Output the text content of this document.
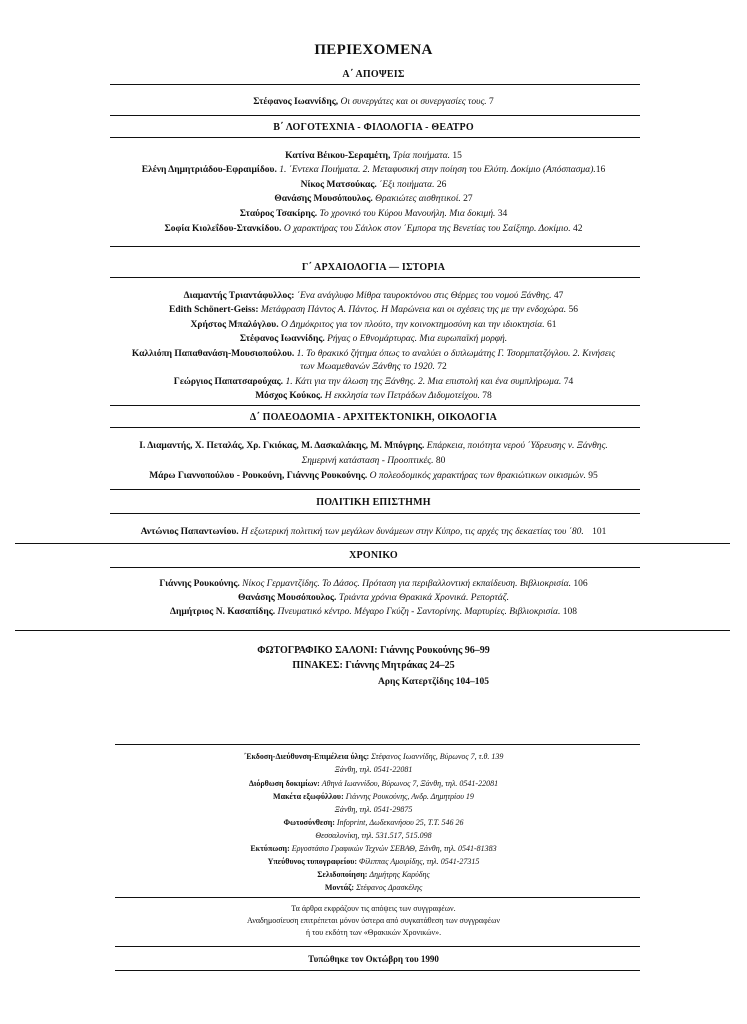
ΠΕΡΙΕΧΟΜΕΝΑ
Α΄ ΑΠΟΨΕΙΣ
Στέφανος Ιωαννίδης, Οι συνεργάτες και οι συνεργασίες τους. 7
Β΄ ΛΟΓΟΤΕΧΝΙΑ - ΦΙΛΟΛΟΓΙΑ - ΘΕΑΤΡΟ
Κατίνα Βέικου-Σεραμέτη, Τρία ποιήματα. 15
Ελένη Δημητριάδου-Εφραιμίδου. 1. ΄Εντεκα Ποιήματα. 2. Μεταφυσική στην ποίηση του Ελύτη. Δοκίμιο (Απόσπασμα).16
Νίκος Ματσούκας. ΄Εξι ποιήματα. 26
Θανάσης Μουσόπουλος. Θρακιώτες αισθητικοί. 27
Σταύρος Τσακίρης. Το χρονικό του Κύρου Μανουήλη. Μια δοκιμή. 34
Σοφία Κιολεΐδου-Στανκίδου. Ο χαρακτήρας του Σάιλοκ στον ΄Εμπορα της Βενετίας του Σαίξπηρ. Δοκίμιο. 42
Γ΄ ΑΡΧΑΙΟΛΟΓΙΑ — ΙΣΤΟΡΙΑ
Διαμαντής Τριαντάφυλλος: ΄Ενα ανάγλυφο Μίθρα ταυροκτόνου στις Θέρμες του νομού Ξάνθης. 47
Edith Schönert-Geiss: Μετάφραση Πάντος Α. Πάντος. Η Μαρώνεια και οι σχέσεις της με την ενδοχώρα. 56
Χρήστος Μπαλόγλου. Ο Δημόκριτος για τον πλούτο, την κοινοκτημοσύνη και την ιδιοκτησία. 61
Στέφανος Ιωαννίδης. Ρήγας ο Εθνομάρτυρας. Μια ευρωπαϊκή μορφή.
Καλλιόπη Παπαθανάση-Μουσιοπούλου. 1. Το θρακικό ζήτημα όπως το αναλύει ο διπλωμάτης Γ. Τσορμπατζόγλου. 2. Κινήσεις
των Μωαμεθανών Ξάνθης το 1920. 72
Γεώργιος Παπατσαρούχας. 1. Κάτι για την άλωση της Ξάνθης. 2. Μια επιστολή και ένα συμπλήρωμα. 74
Μόσχος Κούκος. Η εκκλησία των Πετράδων Διδυμοτείχου. 78
Δ΄ ΠΟΛΕΟΔΟΜΙΑ - ΑΡΧΙΤΕΚΤΟΝΙΚΗ, ΟΙΚΟΛΟΓΙΑ
Ι. Διαμαντής, Χ. Πεταλάς, Χρ. Γκιόκας, Μ. Δασκαλάκης, Μ. Μπόγρης. Επάρκεια, ποιότητα νερού ΄Υδρευσης ν. Ξάνθης.
Σημερινή κατάσταση - Προοπτικές. 80
Μάρω Γιαννοπούλου - Ρουκούνη, Γιάννης Ρουκούνης. Ο πολεοδομικός χαρακτήρας των θρακιώτικων οικισμών. 95
ΠΟΛΙΤΙΚΗ ΕΠΙΣΤΗΜΗ
Αντώνιος Παπαντωνίου. Η εξωτερική πολιτική των μεγάλων δυνάμεων στην Κύπρο, τις αρχές της δεκαετίας του ΄80. 101
ΧΡΟΝΙΚΟ
Γιάννης Ρουκούνης. Νίκος Γερμαντζίδης. Το Δάσος. Πρόταση για περιβαλλοντική εκπαίδευση. Βιβλιοκρισία. 106
Θανάσης Μουσόπουλος. Τριάντα χρόνια Θρακικά Χρονικά. Ρεπορτάζ.
Δημήτριος Ν. Κασαπίδης. Πνευματικό κέντρο. Μέγαρο Γκύζη - Σαντορίνης. Μαρτυρίες. Βιβλιοκρισία. 108
ΦΩΤΟΓΡΑΦΙΚΟ ΣΑΛΟΝΙ: Γιάννης Ρουκούνης 96–99
ΠΙΝΑΚΕΣ: Γιάννης Μητράκας 24–25
Αρης Κατερτζίδης 104–105
΄Εκδοση-Διεύθυνση-Επιμέλεια ύλης: Στέφανος Ιωαννίδης, Βύρωνος 7, τ.θ. 139
Ξάνθη, τηλ. 0541-22081
Διόρθωση δοκιμίων: Αθηνά Ιωαννίδου, Βύρωνος 7, Ξάνθη, τηλ. 0541-22081
Μακέτα εξωφύλλου: Γιάννης Ρουκούνης, Ανδρ. Δημητρίου 19
Ξάνθη, τηλ. 0541-29875
Φωτοσύνθεση: Infoprint, Δωδεκανήσου 25, Τ.Τ. 546 26
Θεσσαλονίκη, τηλ. 531.517, 515.098
Εκτύπωση: Εργοστάσιο Γραφικών Τεχνών ΣΕΒΑΘ, Ξάνθη, τηλ. 0541-81383
Υπεύθυνος τυπογραφείου: Φίλιππας Αμοιρίδης, τηλ. 0541-27315
Σελιδοποίηση: Δημήτρης Καρύδης
Μοντάζ: Στέφανος Δρασκέλης
Τα άρθρα εκφράζουν τις απόψεις των συγγραφέων.
Αναδημοσίευση επιτρέπεται μόνον ύστερα από συγκατάθεση των συγγραφέων
ή του εκδότη των «Θρακικών Χρονικών».
Τυπώθηκε τον Οκτώβρη του 1990
